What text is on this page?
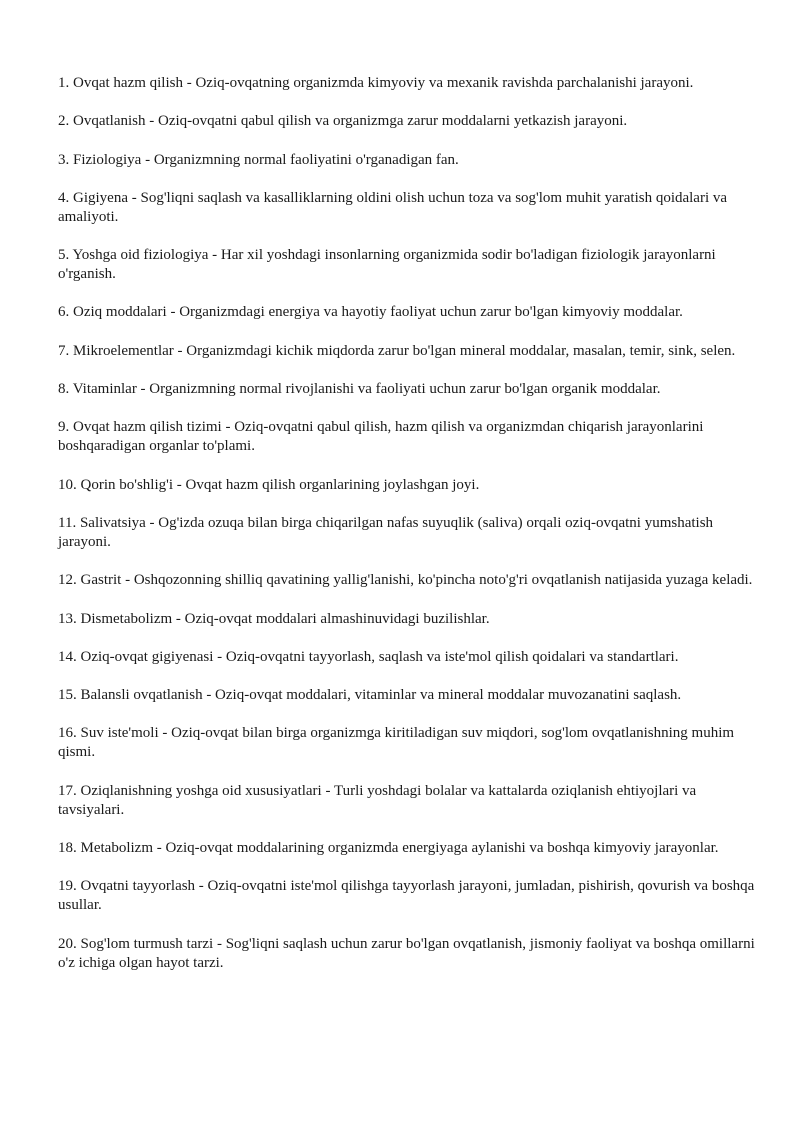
1. Ovqat hazm qilish - Oziq-ovqatning organizmda kimyoviy va mexanik ravishda parchalanishi jarayoni.
2. Ovqatlanish - Oziq-ovqatni qabul qilish va organizmga zarur moddalarni yetkazish jarayoni.
3. Fiziologiya - Organizmning normal faoliyatini o'rganadigan fan.
4. Gigiyena - Sog'liqni saqlash va kasalliklarning oldini olish uchun toza va sog'lom muhit yaratish qoidalari va amaliyoti.
5. Yoshga oid fiziologiya - Har xil yoshdagi insonlarning organizmida sodir bo'ladigan fiziologik jarayonlarni o'rganish.
6. Oziq moddalari - Organizmdagi energiya va hayotiy faoliyat uchun zarur bo'lgan kimyoviy moddalar.
7. Mikroelementlar - Organizmdagi kichik miqdorda zarur bo'lgan mineral moddalar, masalan, temir, sink, selen.
8. Vitaminlar - Organizmning normal rivojlanishi va faoliyati uchun zarur bo'lgan organik moddalar.
9. Ovqat hazm qilish tizimi - Oziq-ovqatni qabul qilish, hazm qilish va organizmdan chiqarish jarayonlarini boshqaradigan organlar to'plami.
10. Qorin bo'shlig'i - Ovqat hazm qilish organlarining joylashgan joyi.
11. Salivatsiya - Og'izda ozuqa bilan birga chiqarilgan nafas suyuqlik (saliva) orqali oziq-ovqatni yumshatish jarayoni.
12. Gastrit - Oshqozonning shilliq qavatining yallig'lanishi, ko'pincha noto'g'ri ovqatlanish natijasida yuzaga keladi.
13. Dismetabolizm - Oziq-ovqat moddalari almashinuvidagi buzilishlar.
14. Oziq-ovqat gigiyenasi - Oziq-ovqatni tayyorlash, saqlash va iste'mol qilish qoidalari va standartlari.
15. Balansli ovqatlanish - Oziq-ovqat moddalari, vitaminlar va mineral moddalar muvozanatini saqlash.
16. Suv iste'moli - Oziq-ovqat bilan birga organizmga kiritiladigan suv miqdori, sog'lom ovqatlanishning muhim qismi.
17. Oziqlanishning yoshga oid xususiyatlari - Turli yoshdagi bolalar va kattalarda oziqlanish ehtiyojlari va tavsiyalari.
18. Metabolizm - Oziq-ovqat moddalarining organizmda energiyaga aylanishi va boshqa kimyoviy jarayonlar.
19. Ovqatni tayyorlash - Oziq-ovqatni iste'mol qilishga tayyorlash jarayoni, jumladan, pishirish, qovurish va boshqa usullar.
20. Sog'lom turmush tarzi - Sog'liqni saqlash uchun zarur bo'lgan ovqatlanish, jismoniy faoliyat va boshqa omillarni o'z ichiga olgan hayot tarzi.
